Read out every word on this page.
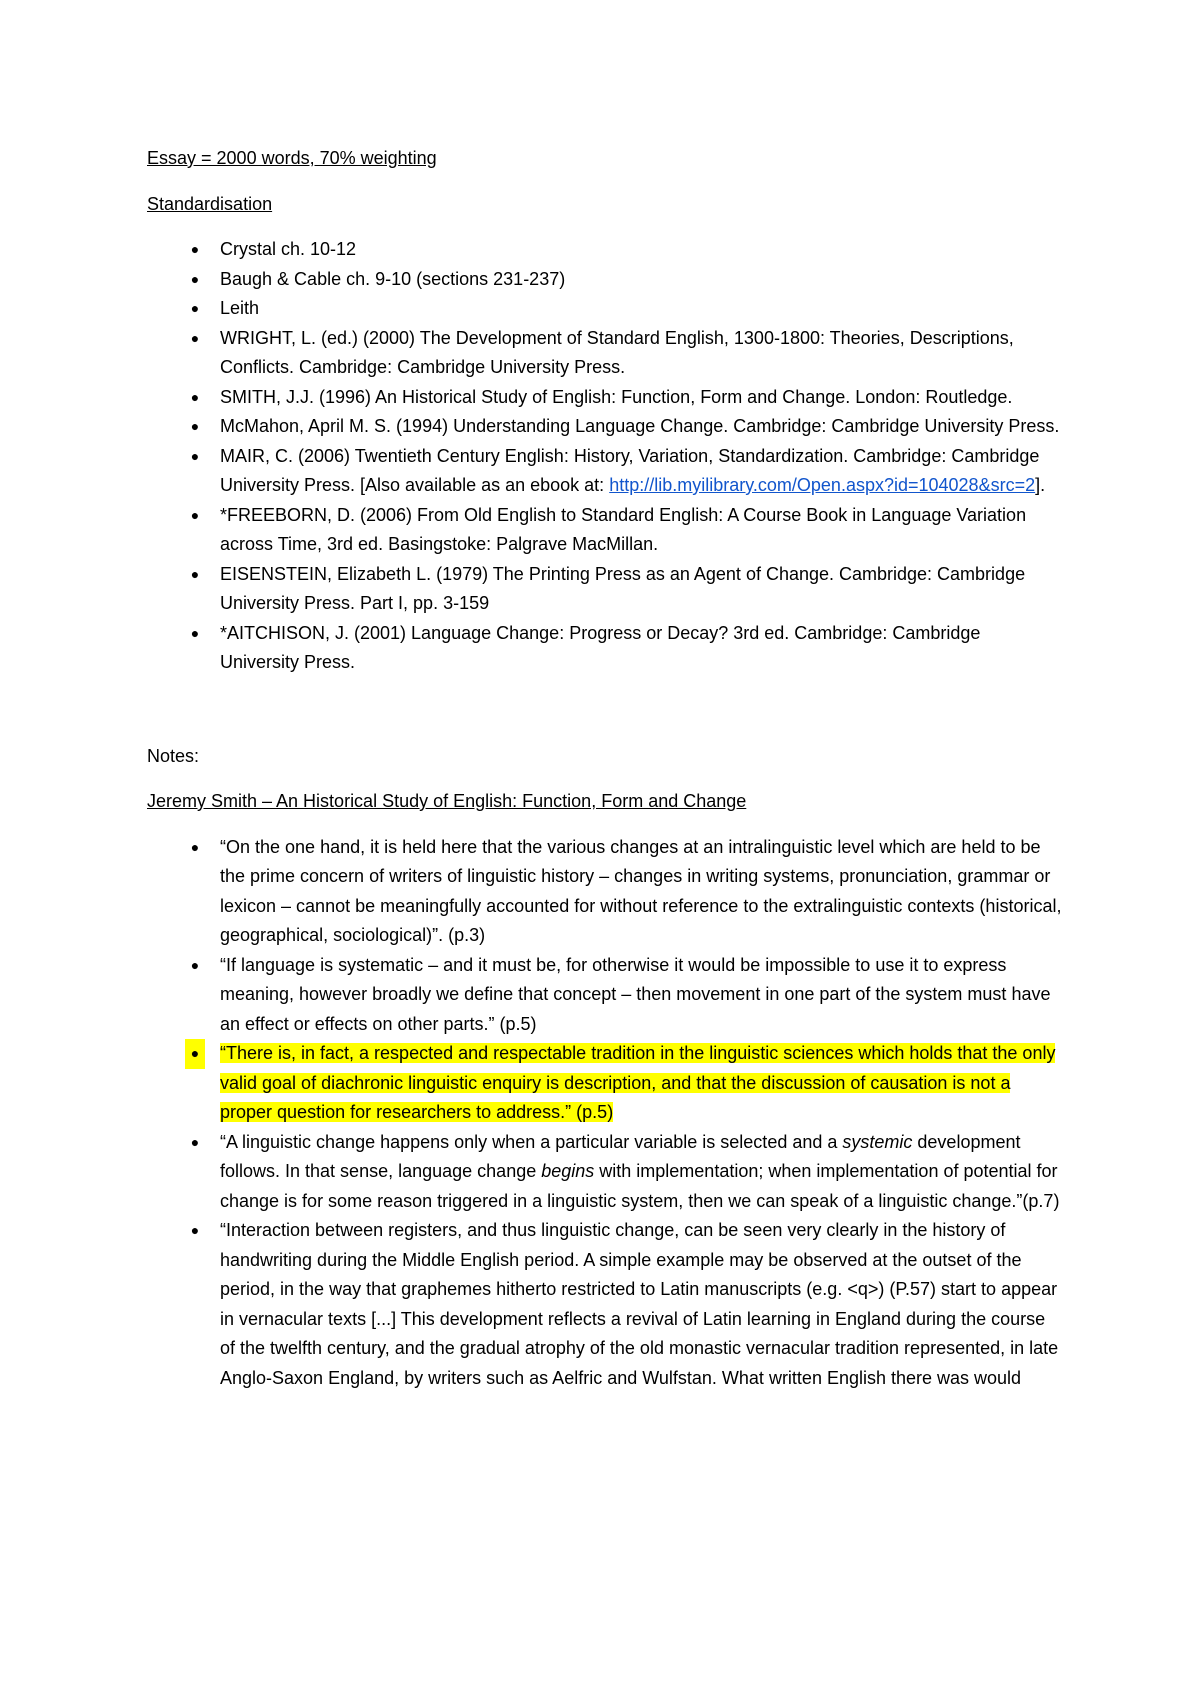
Essay = 2000 words, 70% weighting

Standardisation

●	Crystal ch. 10-12
●	Baugh & Cable ch. 9-10 (sections 231-237)
●	Leith
●	WRIGHT, L. (ed.) (2000) The Development of Standard English, 1300-1800: Theories, Descriptions, Conflicts. Cambridge: Cambridge University Press.
●	SMITH, J.J. (1996) An Historical Study of English: Function, Form and Change. London: Routledge.
●	McMahon, April M. S. (1994) Understanding Language Change. Cambridge: Cambridge University Press.
●	MAIR, C. (2006) Twentieth Century English: History, Variation, Standardization. Cambridge: Cambridge University Press. [Also available as an ebook at: http://lib.myilibrary.com/Open.aspx?id=104028&src=2].
●	*FREEBORN, D. (2006) From Old English to Standard English: A Course Book in Language Variation across Time, 3rd ed. Basingstoke: Palgrave MacMillan.
●	EISENSTEIN, Elizabeth L. (1979) The Printing Press as an Agent of Change. Cambridge: Cambridge University Press. Part I, pp. 3-159
●	*AITCHISON, J. (2001) Language Change: Progress or Decay? 3rd ed. Cambridge: Cambridge University Press.

Notes:

Jeremy Smith – An Historical Study of English: Function, Form and Change

●	“On the one hand, it is held here that the various changes at an intralinguistic level which are held to be the prime concern of writers of linguistic history – changes in writing systems, pronunciation, grammar or lexicon – cannot be meaningfully accounted for without reference to the extralinguistic contexts (historical, geographical, sociological)”. (p.3)
●	“If language is systematic – and it must be, for otherwise it would be impossible to use it to express meaning, however broadly we define that concept – then movement in one part of the system must have an effect or effects on other parts.” (p.5)
●	“There is, in fact, a respected and respectable tradition in the linguistic sciences which holds that the only valid goal of diachronic linguistic enquiry is description, and that the discussion of causation is not a proper question for researchers to address.” (p.5)
●	“A linguistic change happens only when a particular variable is selected and a systemic development follows. In that sense, language change begins with implementation; when implementation of potential for change is for some reason triggered in a linguistic system, then we can speak of a linguistic change.”(p.7)
●	“Interaction between registers, and thus linguistic change, can be seen very clearly in the history of handwriting during the Middle English period. A simple example may be observed at the outset of the period, in the way that graphemes hitherto restricted to Latin manuscripts (e.g. <q>) (P.57) start to appear in vernacular texts [...] This development reflects a revival of Latin learning in England during the course of the twelfth century, and the gradual atrophy of the old monastic vernacular tradition represented, in late Anglo-Saxon England, by writers such as Aelfric and Wulfstan. What written English there was would
